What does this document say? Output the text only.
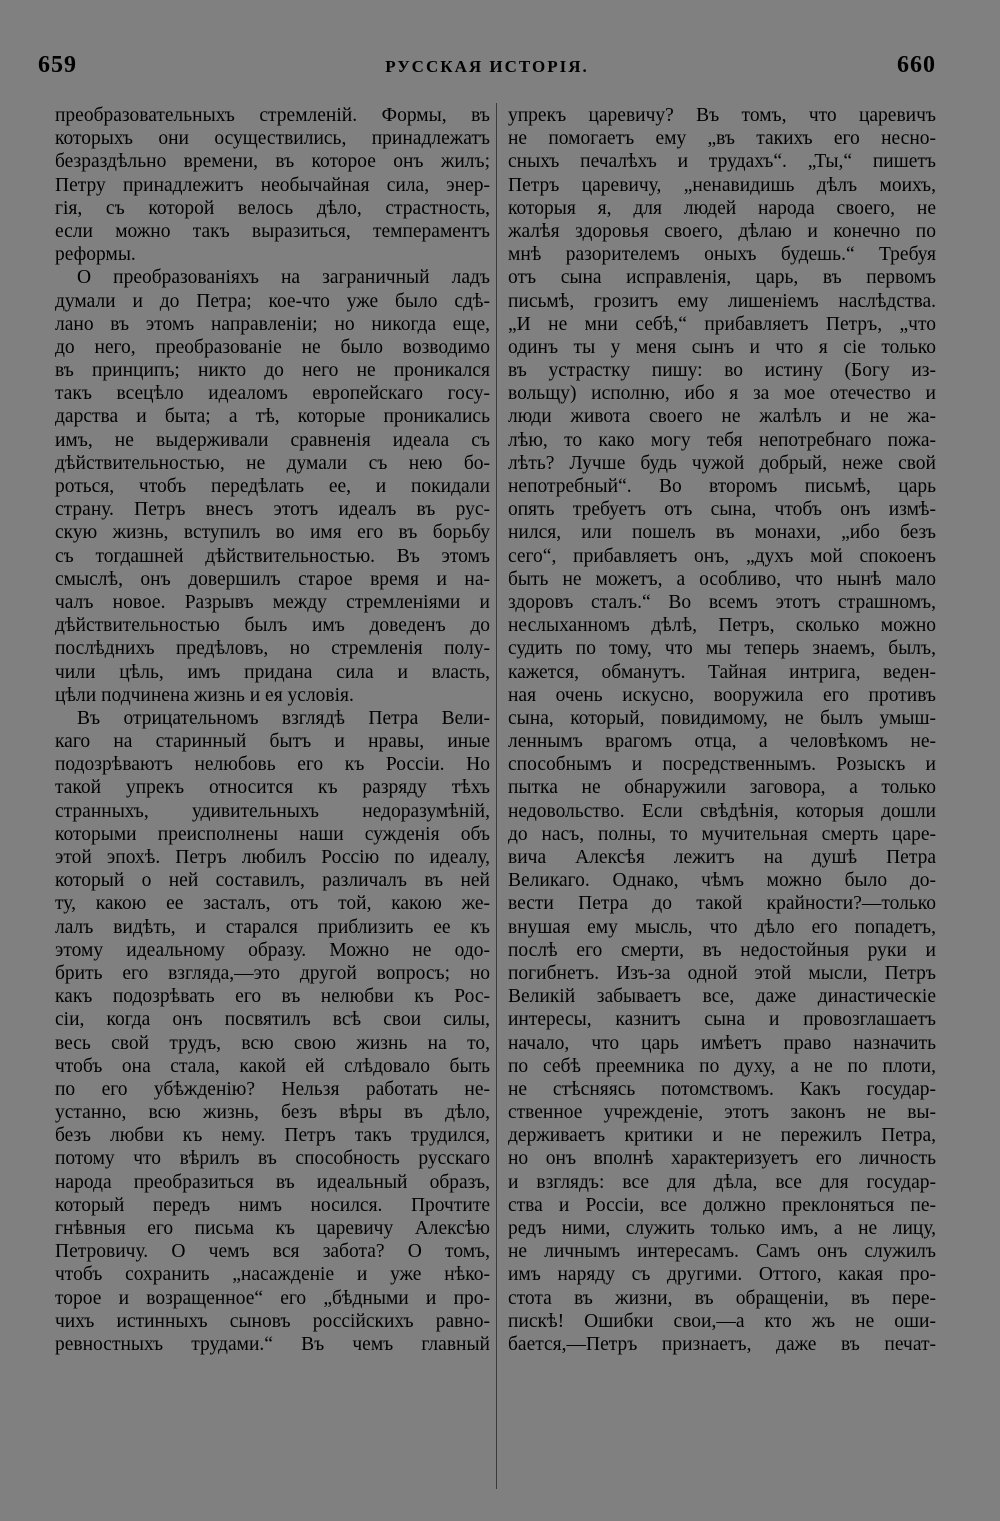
659	РУССКАЯ ИСТОРІЯ.	660
преобразовательныхъ стремленій. Формы, въ
которыхъ они осуществились, принадлежатъ
безраздѣльно времени, въ которое онъ жилъ;
Петру принадлежитъ необычайная сила, энер-
гія, съ которой велось дѣло, страстность,
если можно такъ выразиться, темпераментъ
реформы.
О преобразованіяхъ на заграничный ладъ
думали и до Петра; кое-что уже было сдѣ-
лано въ этомъ направленіи; но никогда еще,
до него, преобразованіе не было возводимо
въ принципъ; никто до него не проникался
такъ всецѣло идеаломъ европейскаго госу-
дарства и быта; а тѣ, которые проникались
имъ, не выдерживали сравненія идеала съ
дѣйствительностью, не думали съ нею бо-
роться, чтобъ передѣлать ее, и покидали
страну. Петръ внесъ этотъ идеалъ въ рус-
скую жизнь, вступилъ во имя его въ борьбу
съ тогдашней дѣйствительностью. Въ этомъ
смыслѣ, онъ довершилъ старое время и на-
чалъ новое. Разрывъ между стремленіями и
дѣйствительностью былъ имъ доведенъ до
послѣднихъ предѣловъ, но стремленія полу-
чили цѣль, имъ придана сила и власть,
цѣли подчинена жизнь и ея условія.
Въ отрицательномъ взглядѣ Петра Вели-
каго на старинный бытъ и нравы, иные
подозрѣваютъ нелюбовь его къ Россіи. Но
такой упрекъ относится къ разряду тѣхъ
странныхъ, удивительныхъ недоразумѣній,
которыми преисполнены наши сужденія объ
этой эпохѣ. Петръ любилъ Россію по идеалу,
который о ней составилъ, различалъ въ ней
ту, какою ее засталъ, отъ той, какою же-
лалъ видѣть, и старался приблизить ее къ
этому идеальному образу. Можно не одо-
брить его взгляда,—это другой вопросъ; но
какъ подозрѣвать его въ нелюбви къ Рос-
сіи, когда онъ посвятилъ всѣ свои силы,
весь свой трудъ, всю свою жизнь на то,
чтобъ она стала, какой ей слѣдовало быть
по его убѣжденію? Нельзя работать не-
устанно, всю жизнь, безъ вѣры въ дѣло,
безъ любви къ нему. Петръ такъ трудился,
потому что вѣрилъ въ способность русскаго
народа преобразиться въ идеальный образъ,
который передъ нимъ носился. Прочтите
гнѣвныя его письма къ царевичу Алексѣю
Петровичу. О чемъ вся забота? О томъ,
чтобъ сохранить „насажденіе и уже нѣко-
торое и возращенное“ его „бѣдными и про-
чихъ истинныхъ сыновъ россійскихъ равно-
ревностныхъ трудами.“ Въ чемъ главный
упрекъ царевичу? Въ томъ, что царевичъ
не помогаетъ ему „въ такихъ его несно-
сныхъ печалѣхъ и трудахъ“. „Ты,“ пишетъ
Петръ царевичу, „ненавидишь дѣлъ моихъ,
которыя я, для людей народа своего, не
жалѣя здоровья своего, дѣлаю и конечно по
мнѣ разорителемъ оныхъ будешь.“ Требуя
отъ сына исправленія, царь, въ первомъ
письмѣ, грозитъ ему лишеніемъ наслѣдства.
„И не мни себѣ,“ прибавляетъ Петръ, „что
одинъ ты у меня сынъ и что я сіе только
въ устрастку пишу: во истину (Богу из-
вольщу) исполню, ибо я за мое отечество и
люди живота своего не жалѣлъ и не жа-
лѣю, то како могу тебя непотребнаго пожа-
лѣть? Лучше будь чужой добрый, неже свой
непотребный“. Во второмъ письмѣ, царь
опять требуетъ отъ сына, чтобъ онъ измѣ-
нился, или пошелъ въ монахи, „ибо безъ
сего“, прибавляетъ онъ, „духъ мой спокоенъ
быть не можетъ, а особливо, что нынѣ мало
здоровъ сталъ.“ Во всемъ этотъ страшномъ,
неслыханномъ дѣлѣ, Петръ, сколько можно
судить по тому, что мы теперь знаемъ, былъ,
кажется, обманутъ. Тайная интрига, веден-
ная очень искусно, вооружила его противъ
сына, который, повидимому, не былъ умыш-
леннымъ врагомъ отца, а человѣкомъ не-
способнымъ и посредственнымъ. Розыскъ и
пытка не обнаружили заговора, а только
недовольство. Если свѣдѣнія, которыя дошли
до насъ, полны, то мучительная смерть царе-
вича Алексѣя лежитъ на душѣ Петра
Великаго. Однако, чѣмъ можно было до-
вести Петра до такой крайности?—только
внушая ему мысль, что дѣло его попадетъ,
послѣ его смерти, въ недостойныя руки и
погибнетъ. Изъ-за одной этой мысли, Петръ
Великій забываетъ все, даже династическіе
интересы, казнитъ сына и провозглашаетъ
начало, что царь имѣетъ право назначить
по себѣ преемника по духу, а не по плоти,
не стѣсняясь потомствомъ. Какъ государ-
ственное учрежденіе, этотъ законъ не вы-
держиваетъ критики и не пережилъ Петра,
но онъ вполнѣ характеризуетъ его личность
и взглядъ: все для дѣла, все для государ-
ства и Россіи, все должно преклоняться пе-
редъ ними, служить только имъ, а не лицу,
не личнымъ интересамъ. Самъ онъ служилъ
имъ наряду съ другими. Оттого, какая про-
стота въ жизни, въ обращеніи, въ пере-
пискѣ! Ошибки свои,—а кто жъ не оши-
бается,—Петръ признаетъ, даже въ печат-
